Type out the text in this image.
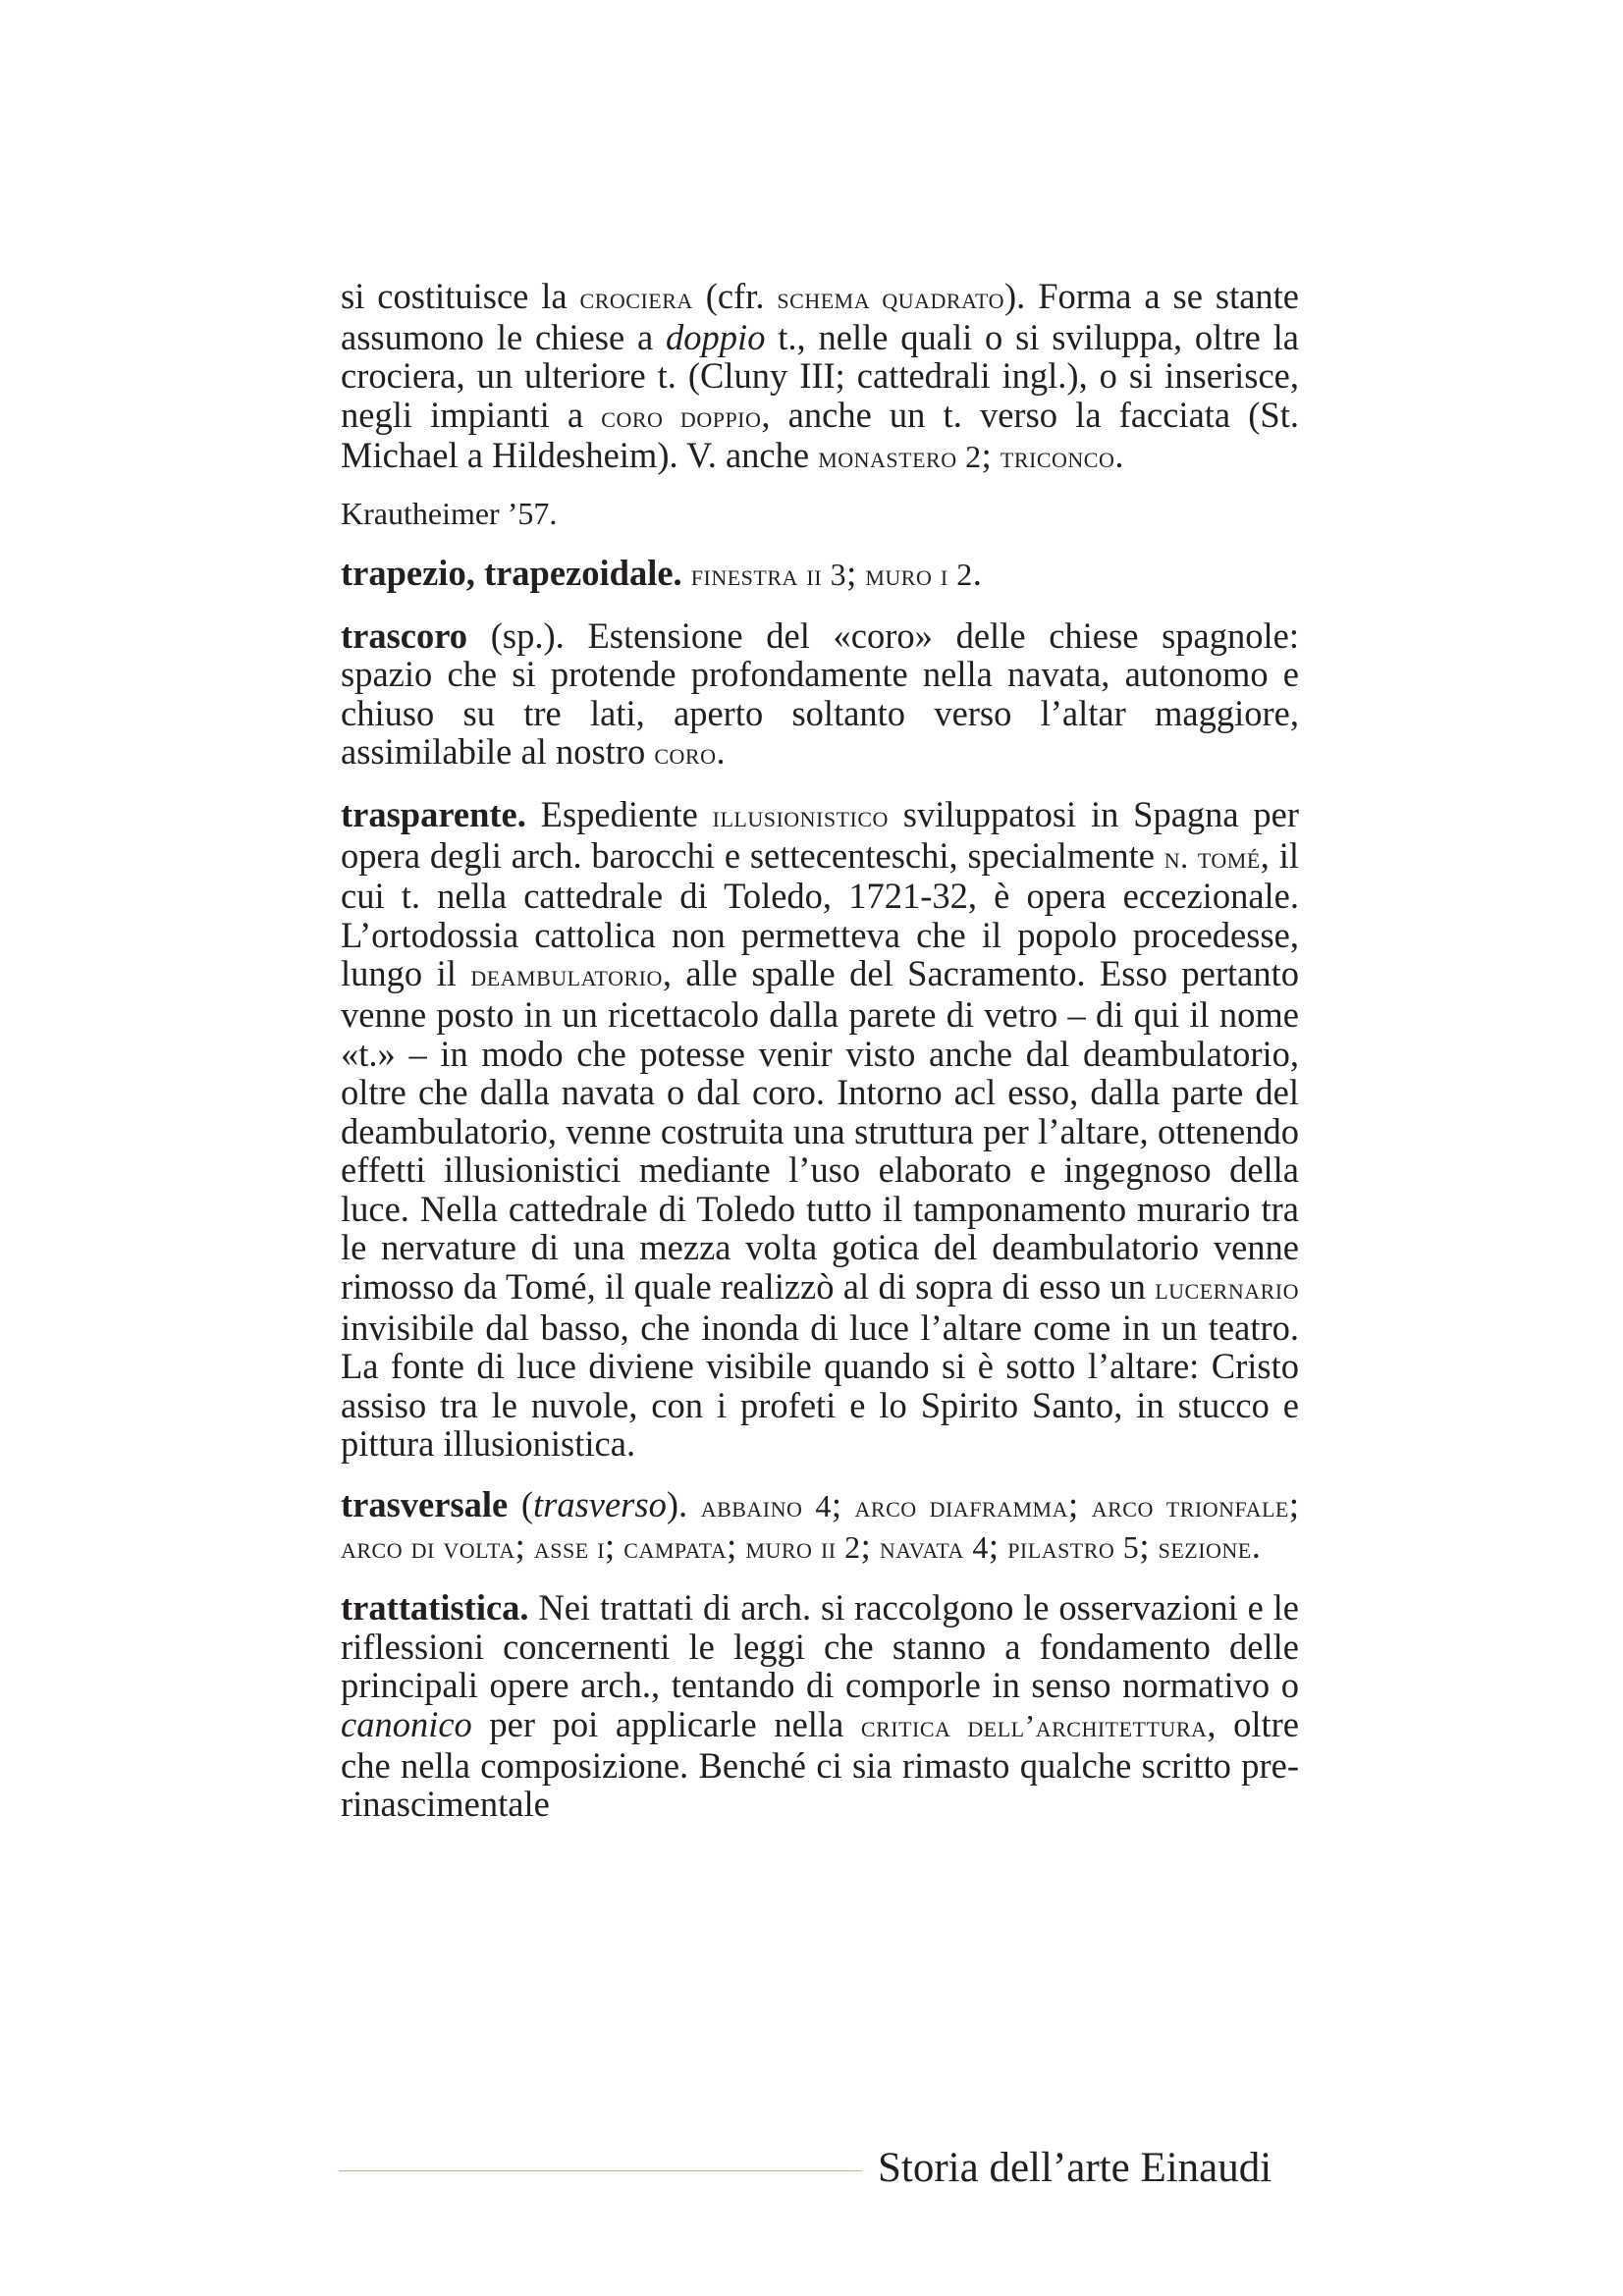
si costituisce la crociera (cfr. schema quadrato). Forma a se stante assumono le chiese a doppio t., nelle quali o si sviluppa, oltre la crociera, un ulteriore t. (Cluny III; cattedrali ingl.), o si inserisce, negli impianti a coro doppio, anche un t. verso la facciata (St. Michael a Hildesheim). V. anche monastero 2; triconco.

Krautheimer ’57.

trapezio, trapezoidale. finestra ii 3; muro i 2.

trascoro (sp.). Estensione del «coro» delle chiese spagnole: spazio che si protende profondamente nella navata, autonomo e chiuso su tre lati, aperto soltanto verso l’altar maggiore, assimilabile al nostro coro.

trasparente. Espediente illusionistico sviluppatosi in Spagna per opera degli arch. barocchi e settecenteschi, specialmente n. tomé, il cui t. nella cattedrale di Toledo, 1721-32, è opera eccezionale. L’ortodossia cattolica non permetteva che il popolo procedesse, lungo il deambulatorio, alle spalle del Sacramento. Esso pertanto venne posto in un ricettacolo dalla parete di vetro – di qui il nome «t.» – in modo che potesse venir visto anche dal deambulatorio, oltre che dalla navata o dal coro. Intorno acl esso, dalla parte del deambulatorio, venne costruita una struttura per l’altare, ottenendo effetti illusionistici mediante l’uso elaborato e ingegnoso della luce. Nella cattedrale di Toledo tutto il tamponamento murario tra le nervature di una mezza volta gotica del deambulatorio venne rimosso da Tomé, il quale realizzò al di sopra di esso un lucernario invisibile dal basso, che inonda di luce l’altare come in un teatro. La fonte di luce diviene visibile quando si è sotto l’altare: Cristo assiso tra le nuvole, con i profeti e lo Spirito Santo, in stucco e pittura illusionistica.

trasversale (trasverso). abbaino 4; arco diaframma; arco trionfale; arco di volta; asse i; campata; muro ii 2; navata 4; pilastro 5; sezione.

trattatistica. Nei trattati di arch. si raccolgono le osservazioni e le riflessioni concernenti le leggi che stanno a fondamento delle principali opere arch., tentando di comporle in senso normativo o canonico per poi applicarle nella critica dell’architettura, oltre che nella composizione. Benché ci sia rimasto qualche scritto pre-rinascimentale

Storia dell’arte Einaudi
